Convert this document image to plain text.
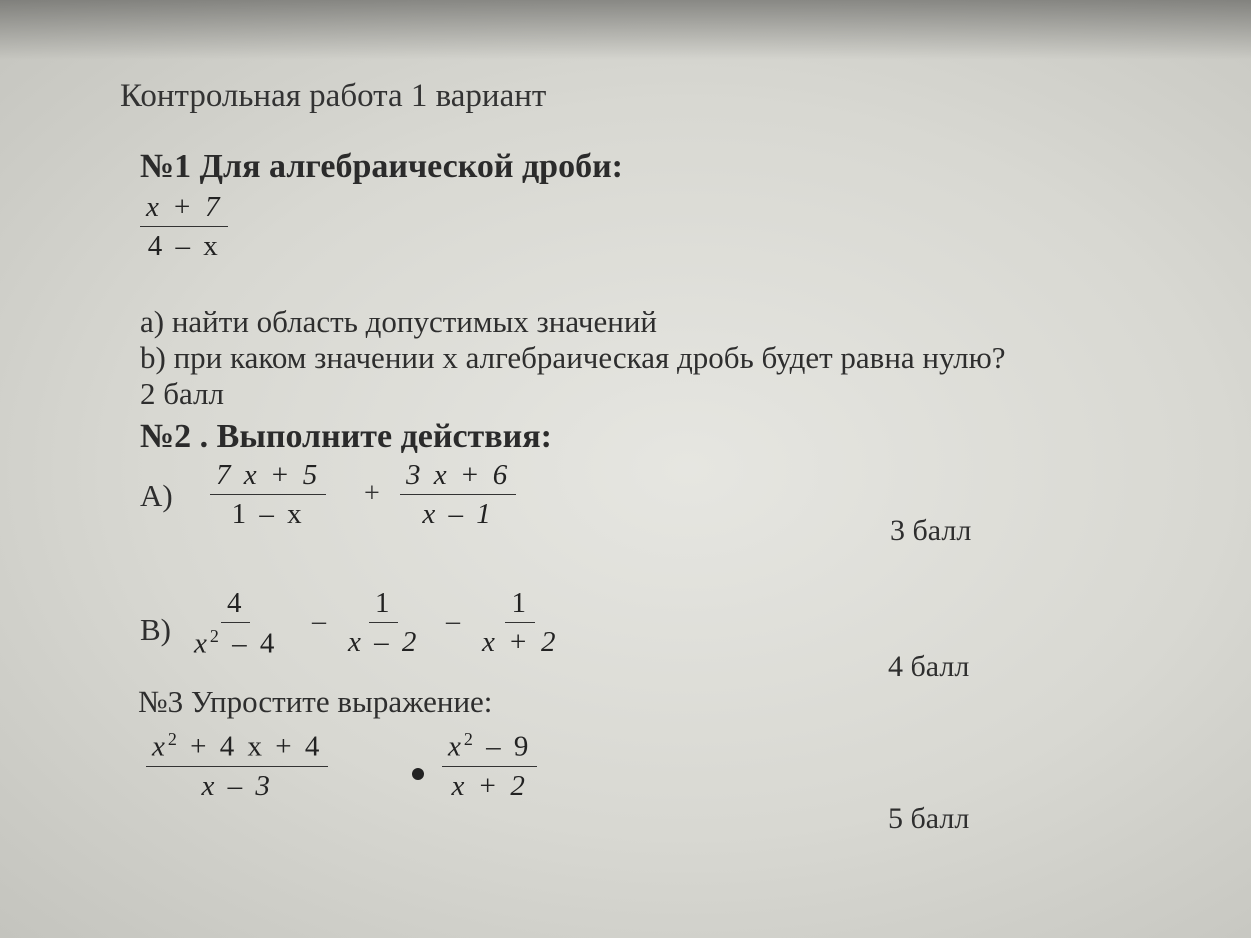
Контрольная работа 1 вариант
№1 Для алгебраической дроби:
$\frac{x + 7}{4 - x}$
a) найти область допустимых значений
b) при каком значении х алгебраическая дробь будет равна нулю?
2 балл
№2 . Выполните действия:
$А) \frac{7 x + 5}{1 - x} + \frac{3 x + 6}{x - 1}$	3 балл
$В) \frac{4}{x^2 - 4} - \frac{1}{x - 2} - \frac{1}{x + 2}$
4 балл
№3 Упростите выражение:
$\frac{x^2 + 4 x + 4}{x - 3}$	$\frac{x^2 - 9}{x + 2}$
5 балл
